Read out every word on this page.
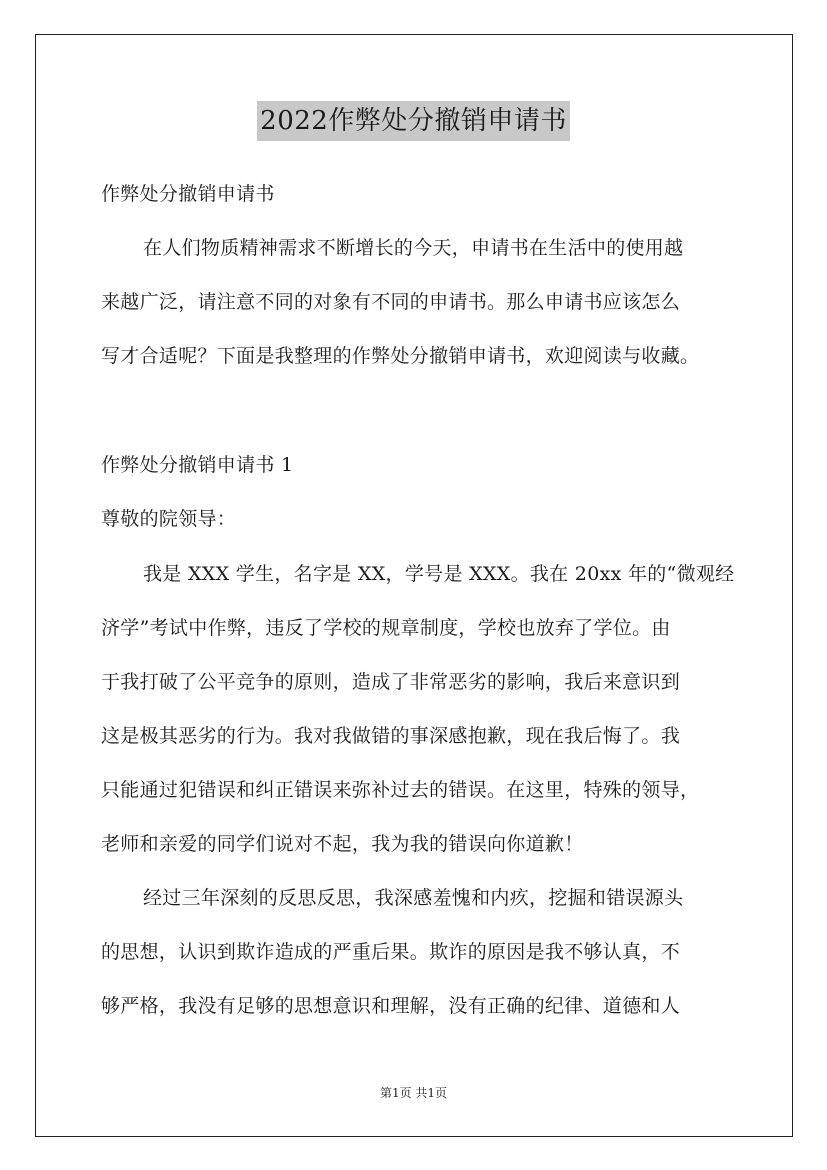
2022作弊处分撤销申请书
作弊处分撤销申请书
在人们物质精神需求不断增长的今天，申请书在生活中的使用越
来越广泛，请注意不同的对象有不同的申请书。那么申请书应该怎么
写才合适呢？下面是我整理的作弊处分撤销申请书，欢迎阅读与收藏。
作弊处分撤销申请书 1
尊敬的院领导：
我是 XXX 学生，名字是 XX，学号是 XXX。我在 20xx 年的“微观经
济学”考试中作弊，违反了学校的规章制度，学校也放弃了学位。由
于我打破了公平竞争的原则，造成了非常恶劣的影响，我后来意识到
这是极其恶劣的行为。我对我做错的事深感抱歉，现在我后悔了。我
只能通过犯错误和纠正错误来弥补过去的错误。在这里，特殊的领导，
老师和亲爱的同学们说对不起，我为我的错误向你道歉！
经过三年深刻的反思反思，我深感羞愧和内疚，挖掘和错误源头
的思想，认识到欺诈造成的严重后果。欺诈的原因是我不够认真，不
够严格，我没有足够的思想意识和理解，没有正确的纪律、道德和人
第1页 共1页
